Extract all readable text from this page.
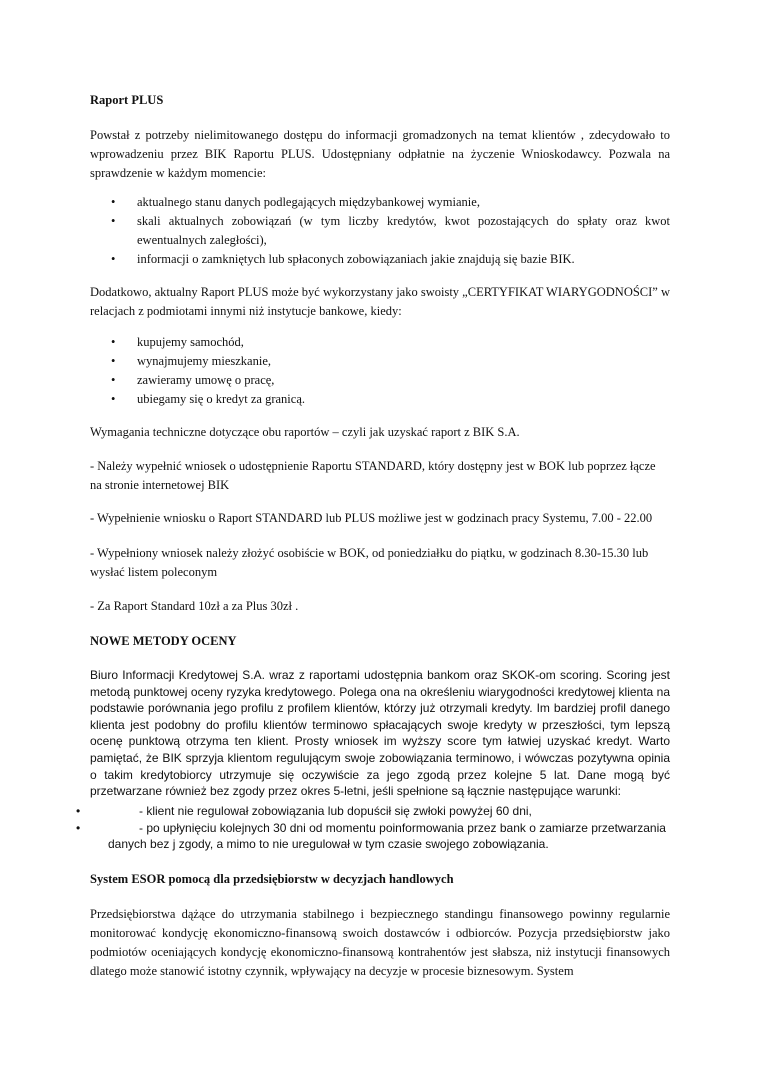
Raport PLUS

Powstał z potrzeby nielimitowanego dostępu do informacji gromadzonych na temat klientów , zdecydowało to wprowadzeniu przez BIK Raportu PLUS. Udostępniany odpłatnie na życzenie Wnioskodawcy. Pozwala na sprawdzenie w każdym momencie:

• aktualnego stanu danych podlegających międzybankowej wymianie,
• skali aktualnych zobowiązań (w tym liczby kredytów, kwot pozostających do spłaty oraz kwot ewentualnych zaległości),
• informacji o zamkniętych lub spłaconych zobowiązaniach jakie znajdują się bazie BIK.

Dodatkowo, aktualny Raport PLUS może być wykorzystany jako swoisty „CERTYFIKAT WIARYGODNOŚCI” w relacjach z podmiotami innymi niż instytucje bankowe, kiedy:

• kupujemy samochód,
• wynajmujemy mieszkanie,
• zawieramy umowę o pracę,
• ubiegamy się o kredyt za granicą.

Wymagania techniczne dotyczące obu raportów – czyli jak uzyskać raport z BIK S.A.

- Należy wypełnić wniosek o udostępnienie Raportu STANDARD, który dostępny jest w BOK lub poprzez łącze na stronie internetowej BIK

- Wypełnienie wniosku o Raport STANDARD lub PLUS możliwe jest w godzinach pracy Systemu, 7.00 - 22.00

- Wypełniony wniosek należy złożyć osobiście w BOK, od poniedziałku do piątku, w godzinach 8.30-15.30 lub wysłać listem poleconym

- Za Raport Standard 10zł a za Plus 30zł .

NOWE METODY OCENY

Biuro Informacji Kredytowej S.A. wraz z raportami udostępnia bankom oraz SKOK-om scoring. Scoring jest metodą punktowej oceny ryzyka kredytowego. Polega ona na określeniu wiarygodności kredytowej klienta na podstawie porównania jego profilu z profilem klientów, którzy już otrzymali kredyty. Im bardziej profil danego klienta jest podobny do profilu klientów terminowo spłacających swoje kredyty w przeszłości, tym lepszą ocenę punktową otrzyma ten klient. Prosty wniosek im wyższy score tym łatwiej uzyskać kredyt. Warto pamiętać, że BIK sprzyja klientom regulującym swoje zobowiązania terminowo, i wówczas pozytywna opinia o takim kredytobiorcy utrzymuje się oczywiście za jego zgodą przez kolejne 5 lat. Dane mogą być przetwarzane również bez zgody przez okres 5-letni, jeśli spełnione są łącznie następujące warunki:

• - klient nie regulował zobowiązania lub dopuścił się zwłoki powyżej 60 dni,
• - po upłynięciu kolejnych 30 dni od momentu poinformowania przez bank o zamiarze przetwarzania
danych bez j zgody, a mimo to nie uregulował w tym czasie swojego zobowiązania.

System ESOR pomocą dla przedsiębiorstw w decyzjach handlowych

Przedsiębiorstwa dążące do utrzymania stabilnego i bezpiecznego standingu finansowego powinny regularnie monitorować kondycję ekonomiczno-finansową swoich dostawców i odbiorców. Pozycja przedsiębiorstw jako podmiotów oceniających kondycję ekonomiczno-finansową kontrahentów jest słabsza, niż instytucji finansowych dlatego może stanowić istotny czynnik, wpływający na decyzje w procesie biznesowym. System
